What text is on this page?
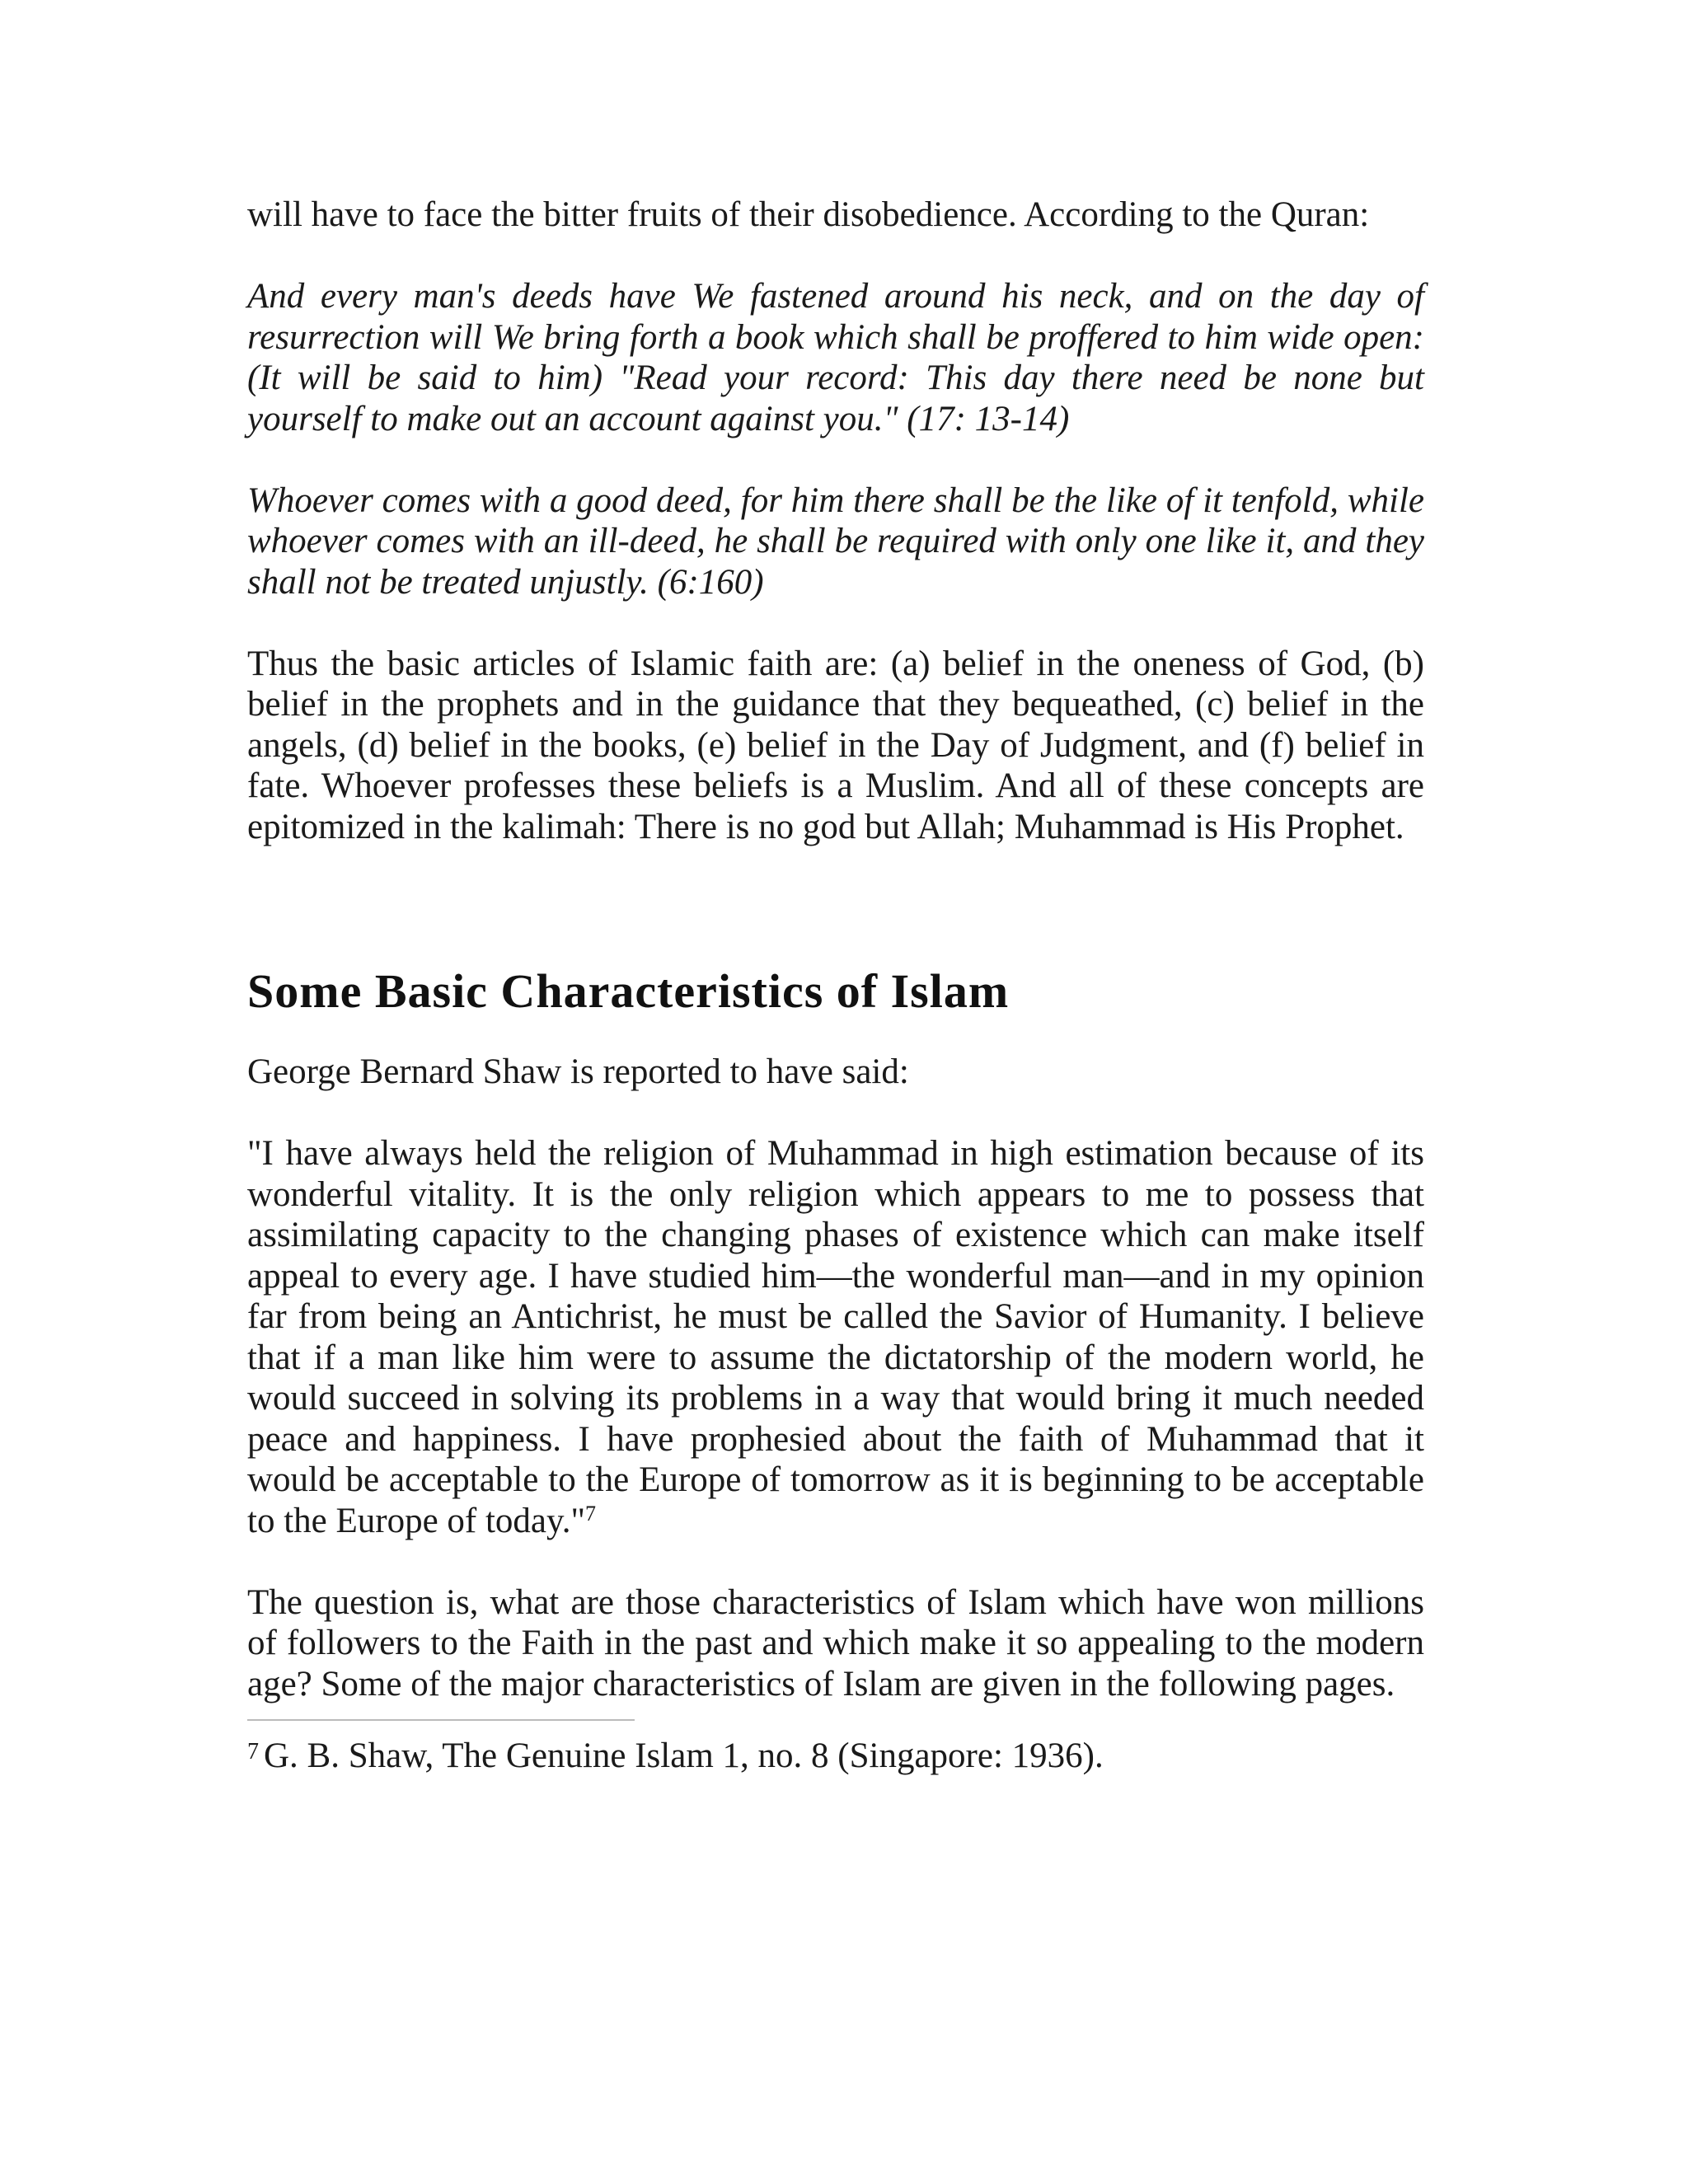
will have to face the bitter fruits of their disobedience. According to the Quran:

And every man's deeds have We fastened around his neck, and on the day of resurrection will We bring forth a book which shall be proffered to him wide open: (It will be said to him) "Read your record: This day there need be none but yourself to make out an account against you." (17: 13-14)

Whoever comes with a good deed, for him there shall be the like of it tenfold, while whoever comes with an ill-deed, he shall be required with only one like it, and they shall not be treated unjustly. (6:160)

Thus the basic articles of Islamic faith are: (a) belief in the oneness of God, (b) belief in the prophets and in the guidance that they bequeathed, (c) belief in the angels, (d) belief in the books, (e) belief in the Day of Judgment, and (f) belief in fate. Whoever professes these beliefs is a Muslim. And all of these concepts are epitomized in the kalimah: There is no god but Allah; Muhammad is His Prophet.

Some Basic Characteristics of Islam

George Bernard Shaw is reported to have said:

"I have always held the religion of Muhammad in high estimation because of its wonderful vitality. It is the only religion which appears to me to possess that assimilating capacity to the changing phases of existence which can make itself appeal to every age. I have studied him—the wonderful man—and in my opinion far from being an Antichrist, he must be called the Savior of Humanity. I believe that if a man like him were to assume the dictatorship of the modern world, he would succeed in solving its problems in a way that would bring it much needed peace and happiness. I have prophesied about the faith of Muhammad that it would be acceptable to the Europe of tomorrow as it is beginning to be acceptable to the Europe of today."$^7$

The question is, what are those characteristics of Islam which have won millions of followers to the Faith in the past and which make it so appealing to the modern age? Some of the major characteristics of Islam are given in the following pages.

$^7$ G. B. Shaw, The Genuine Islam 1, no. 8 (Singapore: 1936).
